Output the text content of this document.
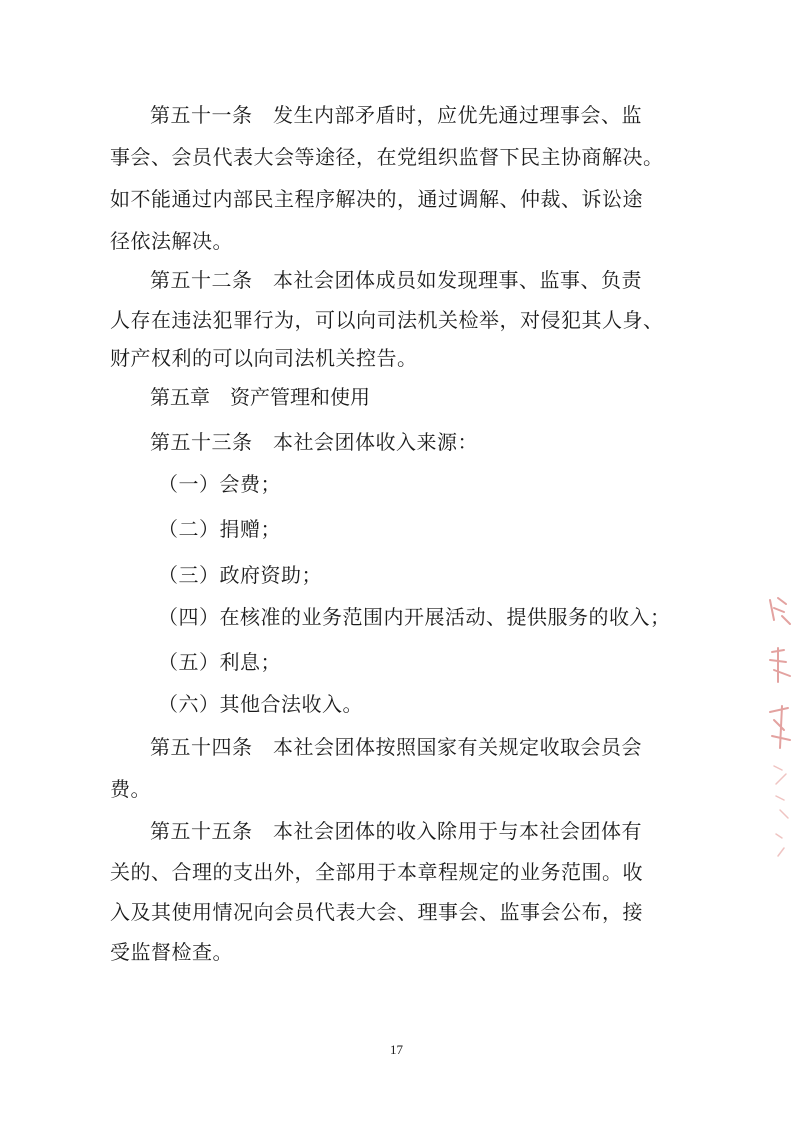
第五十一条　发生内部矛盾时，应优先通过理事会、监

事会、会员代表大会等途径，在党组织监督下民主协商解决。

如不能通过内部民主程序解决的，通过调解、仲裁、诉讼途

径依法解决。

第五十二条　本社会团体成员如发现理事、监事、负责

人存在违法犯罪行为，可以向司法机关检举，对侵犯其人身、

财产权利的可以向司法机关控告。

第五章　资产管理和使用

第五十三条　本社会团体收入来源：

（一）会费；

（二）捐赠；

（三）政府资助；

（四）在核准的业务范围内开展活动、提供服务的收入；

（五）利息；

（六）其他合法收入。

第五十四条　本社会团体按照国家有关规定收取会员会

费。

第五十五条　本社会团体的收入除用于与本社会团体有

关的、合理的支出外，全部用于本章程规定的业务范围。收

入及其使用情况向会员代表大会、理事会、监事会公布，接

受监督检查。

17
